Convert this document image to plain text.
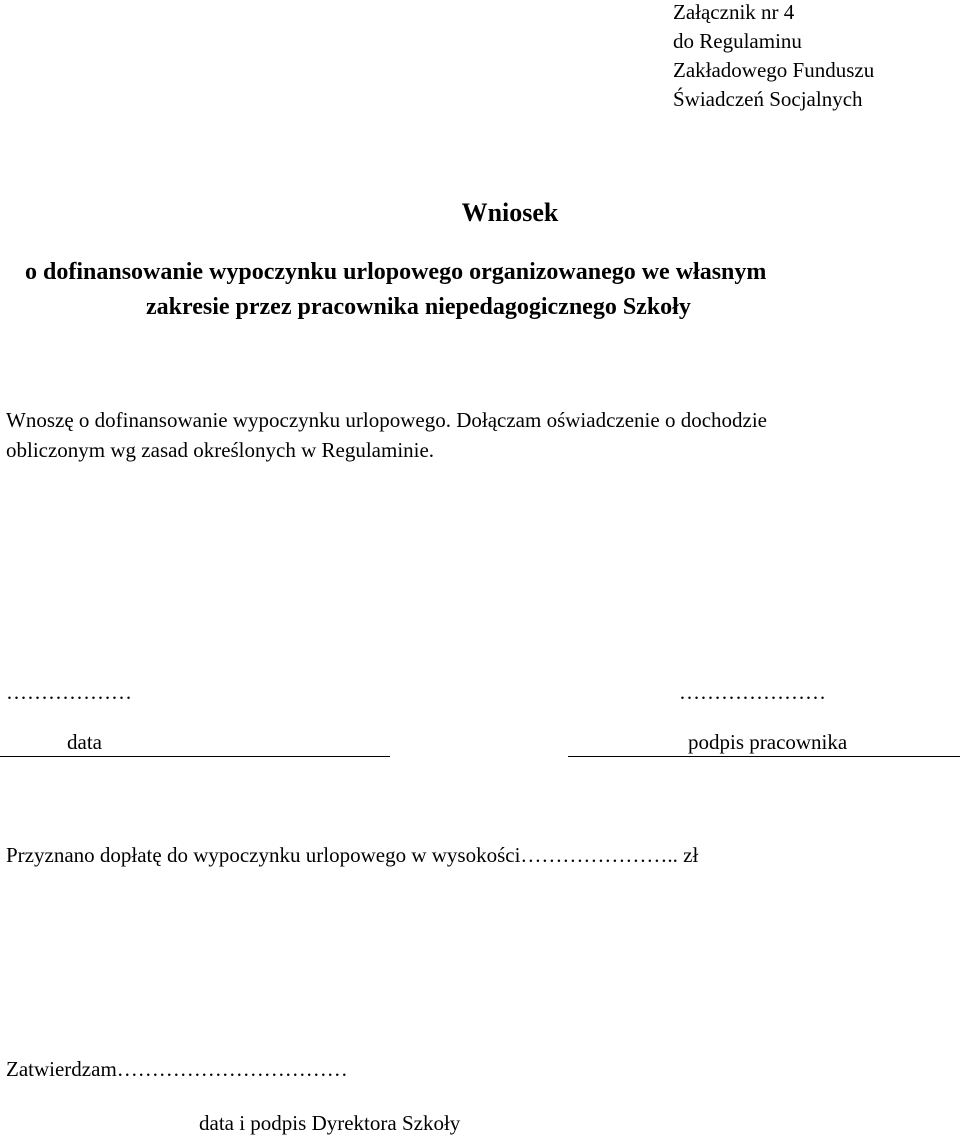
Załącznik nr 4
do Regulaminu
Zakładowego Funduszu
Świadczeń Socjalnych
Wniosek
o dofinansowanie wypoczynku urlopowego organizowanego we własnym
zakresie przez pracownika niepedagogicznego Szkoły
Wnoszę o dofinansowanie wypoczynku urlopowego. Dołączam oświadczenie o dochodzie
obliczonym wg zasad określonych w Regulaminie.
………………	…………………
data	podpis pracownika
Przyznano dopłatę do wypoczynku urlopowego w wysokości………………….. zł
Zatwierdzam……………………………
data i podpis Dyrektora Szkoły
